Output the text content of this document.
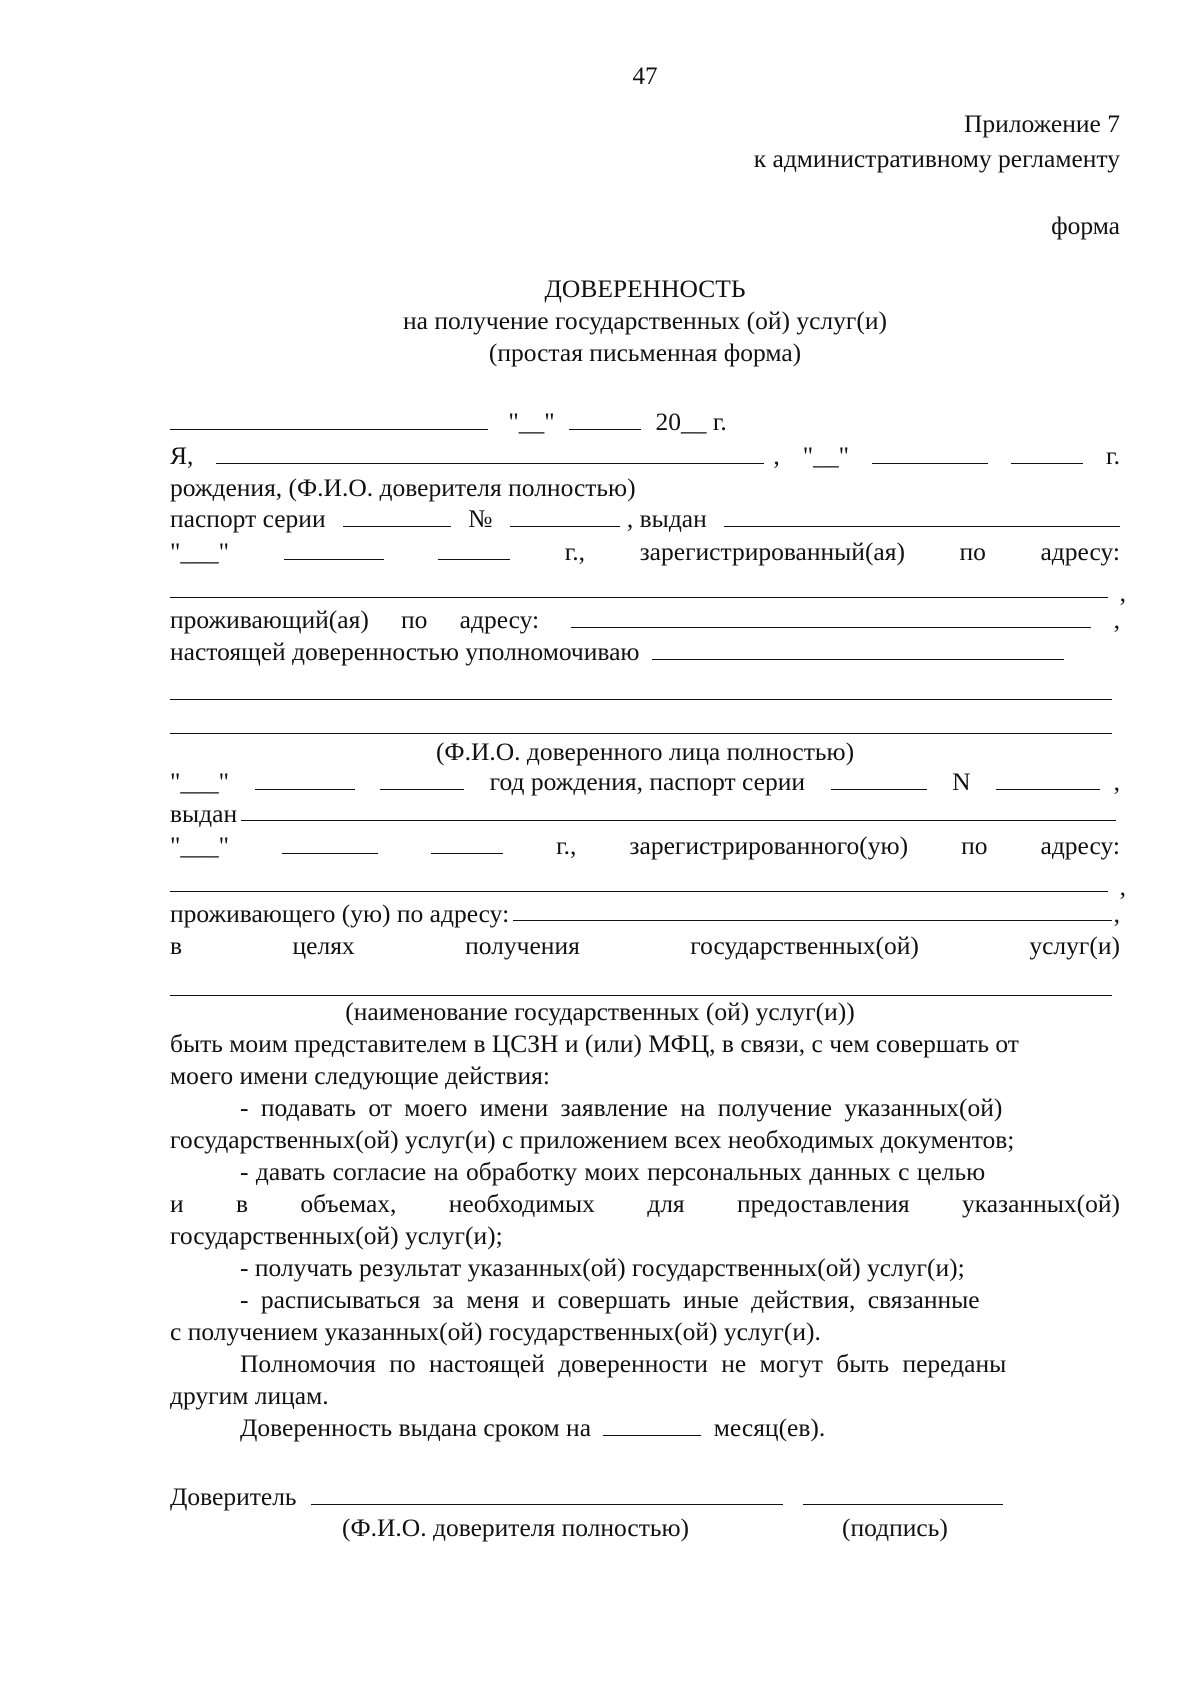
47
Приложение 7
к административному регламенту
форма
ДОВЕРЕННОСТЬ
на получение государственных (ой) услуг(и)
(простая письменная форма)
"__"	20__ г.
Я,	, "__"	г.
рождения, (Ф.И.О. доверителя полностью)
паспорт серии	№	, выдан
"___"	г., зарегистрированный(ая) по адресу:
,
проживающий(ая) по адресу:	,
настоящей доверенностью уполномочиваю
(Ф.И.О. доверенного лица полностью)
"___"	год рождения, паспорт серии	N	,
выдан
"___"	г., зарегистрированного(ую) по адресу:
,
проживающего (ую) по адресу:	,
в	целях	получения	государственных(ой)	услуг(и)
(наименование государственных (ой) услуг(и))
быть моим представителем в ЦСЗН и (или) МФЦ, в связи, с чем совершать от
моего имени следующие действия:
- подавать от моего имени заявление на получение указанных(ой)
государственных(ой) услуг(и) с приложением всех необходимых документов;
- давать согласие на обработку моих персональных данных с целью
и в объемах, необходимых для предоставления указанных(ой)
государственных(ой) услуг(и);
- получать результат указанных(ой) государственных(ой) услуг(и);
- расписываться за меня и совершать иные действия, связанные
с получением указанных(ой) государственных(ой) услуг(и).
Полномочия по настоящей доверенности не могут быть переданы
другим лицам.
Доверенность выдана сроком на	месяц(ев).
Доверитель
(Ф.И.О. доверителя полностью)	(подпись)
